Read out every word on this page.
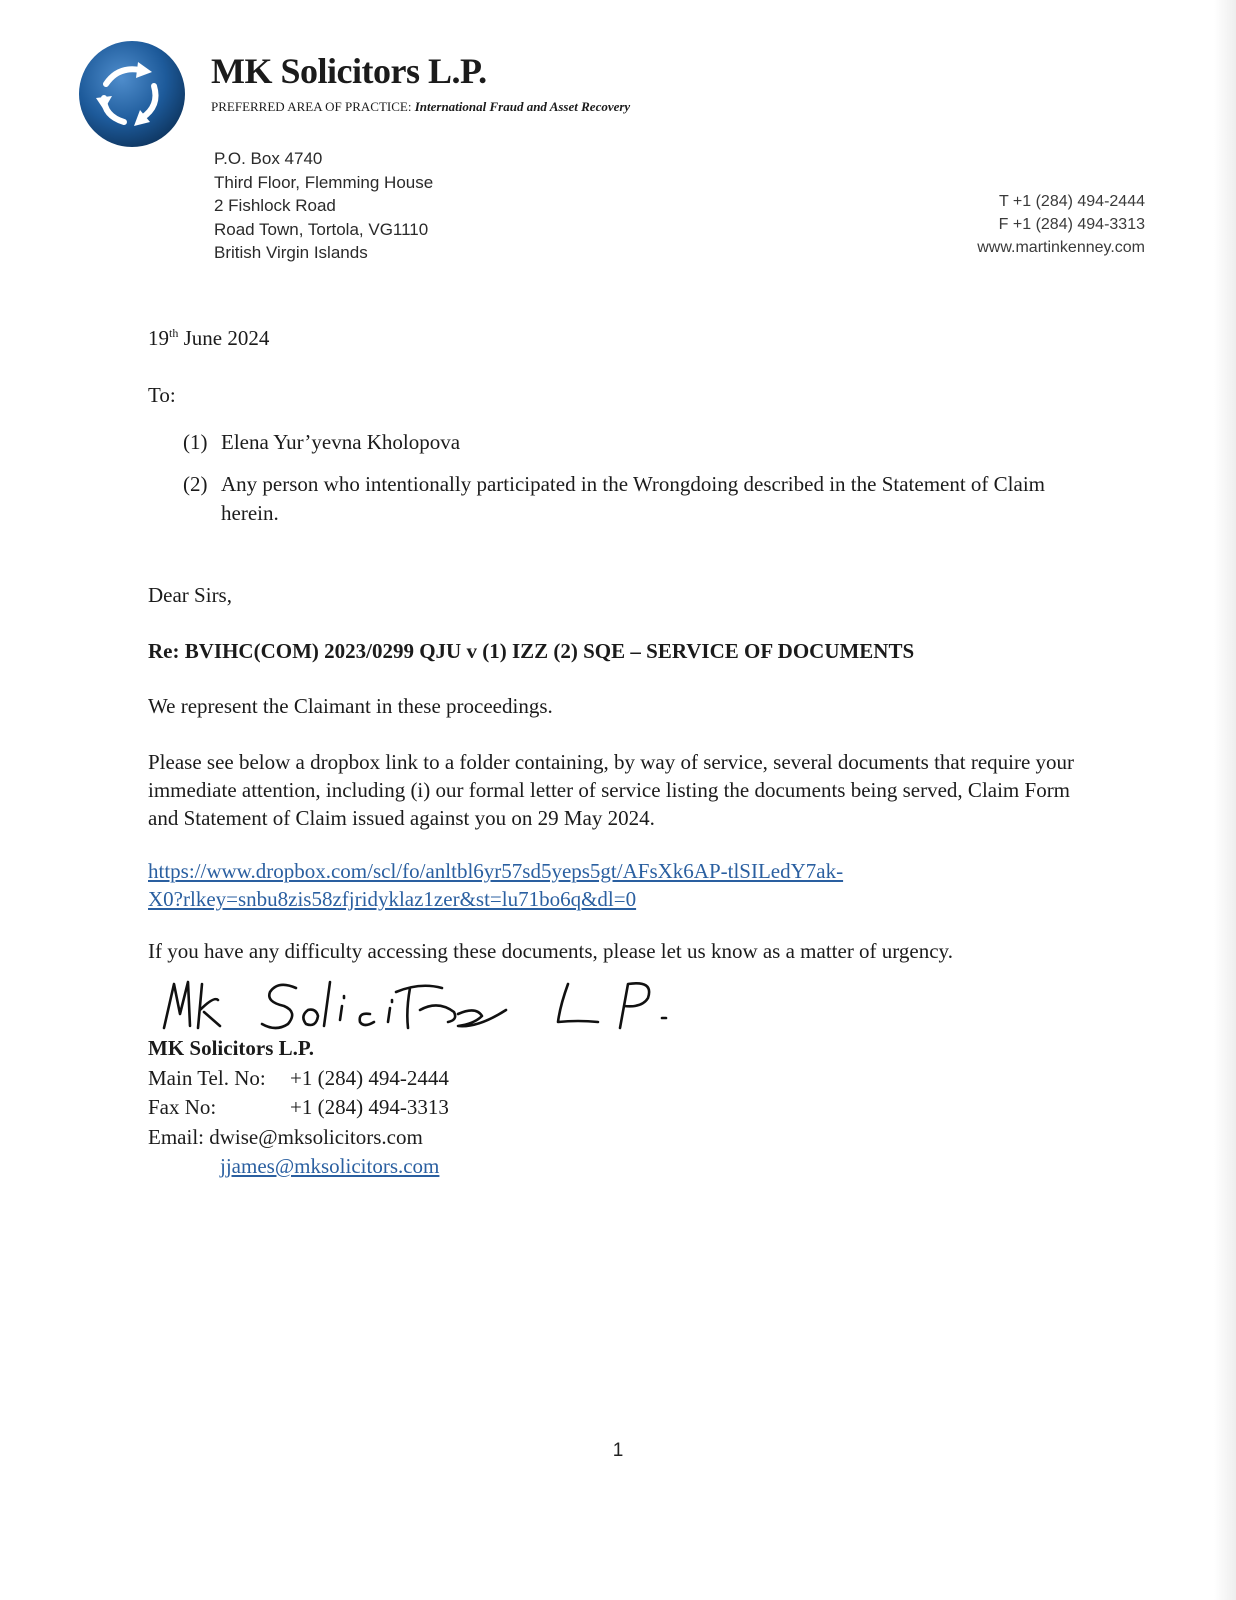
MK Solicitors L.P.
PREFERRED AREA OF PRACTICE: International Fraud and Asset Recovery
P.O. Box 4740
Third Floor, Flemming House
2 Fishlock Road
Road Town, Tortola, VG1110
British Virgin Islands
T +1 (284) 494-2444
F +1 (284) 494-3313
www.martinkenney.com
19th June 2024
To:
(1) Elena Yur’yevna Kholopova
(2) Any person who intentionally participated in the Wrongdoing described in the Statement of Claim herein.
Dear Sirs,
Re: BVIHC(COM) 2023/0299 QJU v (1) IZZ (2) SQE – SERVICE OF DOCUMENTS
We represent the Claimant in these proceedings.
Please see below a dropbox link to a folder containing, by way of service, several documents that require your immediate attention, including (i) our formal letter of service listing the documents being served, Claim Form and Statement of Claim issued against you on 29 May 2024.
https://www.dropbox.com/scl/fo/anltbl6yr57sd5yeps5gt/AFsXk6AP-tlSILedY7ak-
X0?rlkey=snbu8zis58zfjridyklaz1zer&st=lu71bo6q&dl=0
If you have any difficulty accessing these documents, please let us know as a matter of urgency.
MK Solicitors L.P.
Main Tel. No: +1 (284) 494-2444
Fax No:	+1 (284) 494-3313
Email: dwise@mksolicitors.com
jjames@mksolicitors.com
1
